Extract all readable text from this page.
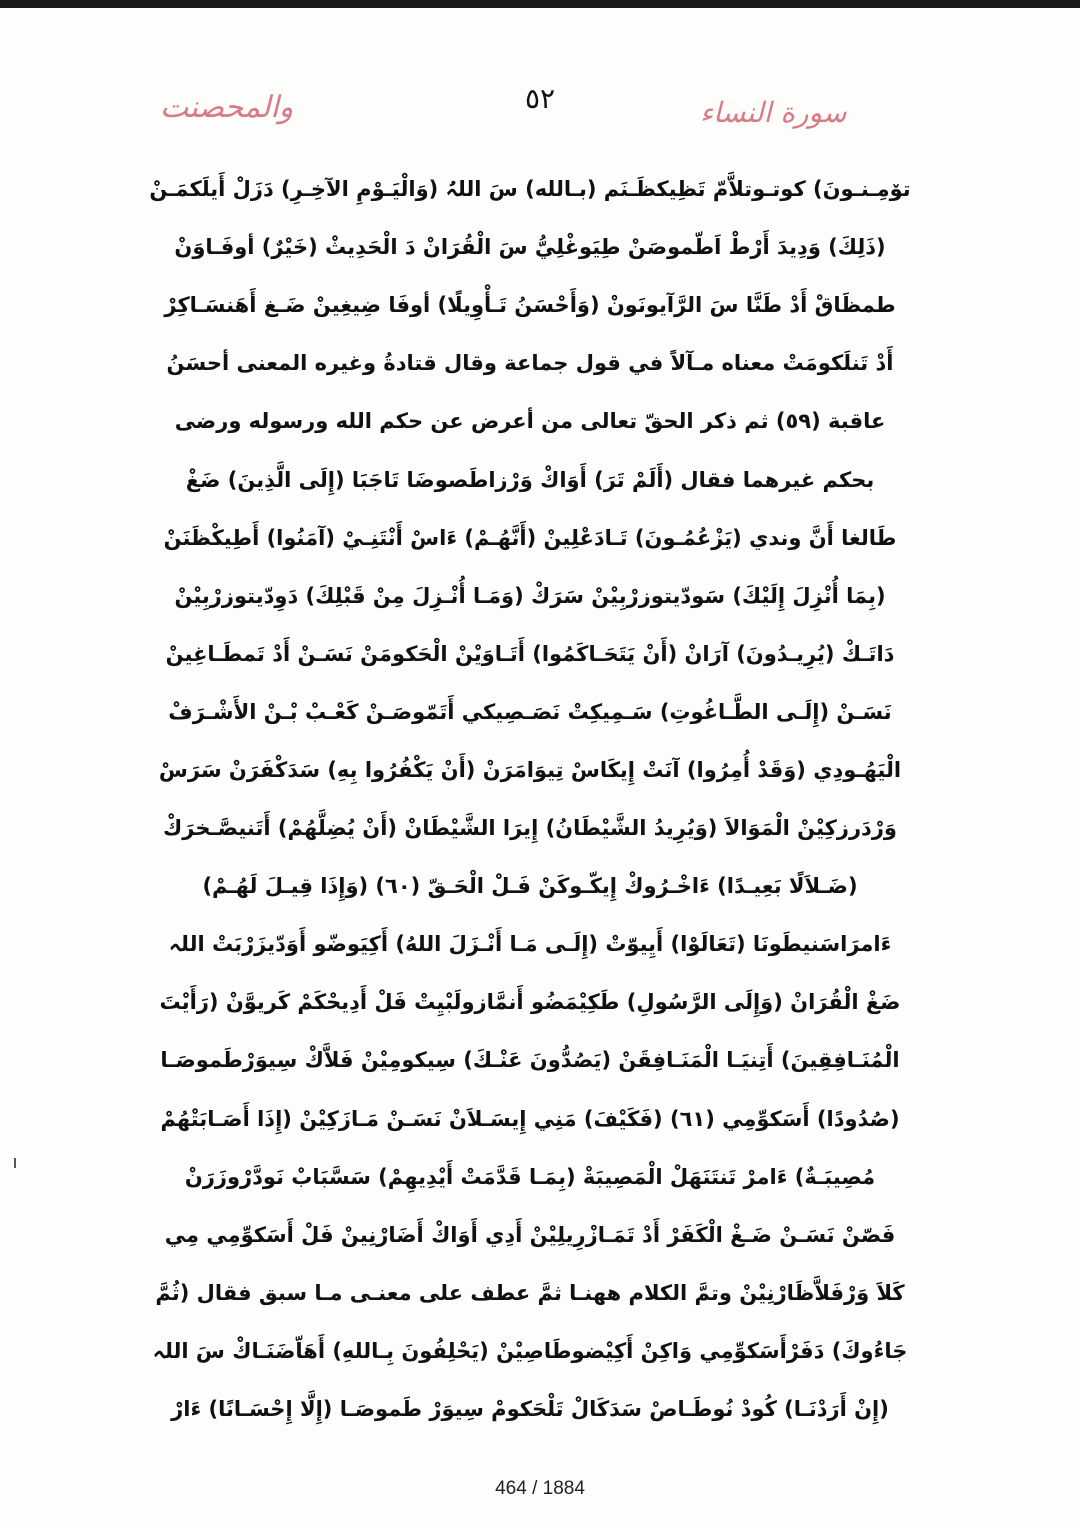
والمحصنت	٥٢	سورة النساء
تۆمِـنـونَ) كوتـوتلاَّمّ تَظِيكظَـنَم (بـالله) سَ اللہُ (وَالْيَـوْمِ الآخِـرِ) دَزَلْ أَيلَكمَـنْ
(ذَلِكَ) وَدِيدَ أَرْطْ اَطّموصَنْ طِيَوغْلِيُّ سَ الْقُرَانْ دَ الْحَدِيثْ (خَيْرٌ) أوفَـاوَنْ
طمظَاقْ أَدْ طَنَّا سَ الرَّآيونَونْ (وَأَحْسَنُ تَـأْوِيلًا) أوفَا ضِيغِينْ ضَـغ أَهَنسَـاكِرْ
أَدْ تَنلَكومَتْ معناه مـآلاً في قول جماعة وقال قتادةُ وغيره المعنى أحسَنُ
عاقبة (٥٩) ثم ذكر الحقّ تعالى من أعرض عن حكم الله ورسوله ورضى
بحكم غيرهما فقال (أَلَمْ تَرَ) أَوَاكْ وَرْزاطَصوضَا تَاجَبَا (إِلَى الَّذِينَ) ضَغْ
طَالغا أَنَّ وندي (يَزْعُمُـونَ) تَـادَعْلِينْ (أَنَّهُـمْ) ءَاسْ أَنْتَنِـيْ (آمَنُوا) أَطِيكْظَنَنْ
(بِمَا أُنْزِلَ إِلَيْكَ) سَودّيتوزرْبِيْنْ سَرَكْ (وَمَـا أُنْـزِلَ مِنْ قَبْلِكَ) دَوِدّيتوزرْبِيْنْ
دَاتَـكْ (يُرِيـدُونَ) آرَانْ (أَنْ يَتَحَـاكَمُوا) أَتَـاوَيْنْ الْحَكومَنْ نَسَـنْ أَدْ تَمطَـاغِينْ
نَسَـنْ (إِلَـى الطَّـاغُوتِ) سَـمِيكِتْ نَصَـصِيكي أَتَمّوصَـنْ كَعْـبْ بْـنْ الأَشْـرَفْ
الْيَهُـودِي (وَقَدْ أُمِرُوا) آنَتْ إِيكَاسْ تِيوَامَرَنْ (أَنْ يَكْفُرُوا بِهِ) سَدَكْفَرَنْ سَرَسْ
وَرْدَرزكِيْنْ الْمَوَالاَ (وَيُرِيدُ الشَّيْطَانُ) إِيرَا الشَّيْطَانْ (أَنْ يُضِلَّهُمْ) أَتَنيصَّـخرَكْ
(ضَـلاَلًا بَعِيـدًا) ءَاخْـرُوكْ إِيكّـوكَنْ فَـلْ الْحَـقّ (٦٠) (وَإِذَا قِيـلَ لَهُـمْ)
ءَامرَاسَنيطَونَا (تَعَالَوْا) أَيِيوّتْ (إِلَـى مَـا أَنْـزَلَ اللهُ) أَكِيَوضّو أَوَدّيزَرْبَتْ اللہ
ضَغْ الْقُرَانْ (وَإِلَى الرَّسُولِ) طَكِيْمَضُو أَنمَّازولَبْيِتْ فَلْ أَدِيحْكَمْ كَريوَّنْ (رَأَيْتَ
الْمُنَـافِقِينَ) أَتِنيَـا الْمَنَـافِقَنْ (يَصُدُّونَ عَنْـكَ) سِيكومِيْنْ فَلاَّكْ سِيوَرْطَموصَـا
(صُدُودًا) أَسَكوِّمِي (٦١) (فَكَيْفَ) مَنِي إِيسَـلاَنْ نَسَـنْ مَـازَكِيْنْ (إِذَا أَصَـابَتْهُمْ
مُصِيبَـةٌ) ءَامرْ تَنتَنَهَلْ الْمَصِيبَةْ (بِمَـا قَدَّمَتْ أَيْدِيهِمْ) سَسَّبَابْ نَودَّرْوزَرَنْ
فَصّنْ نَسَـنْ ضَـغْ الْكَفَرْ أَدْ تَمَـازْرِيلِيْنْ أَدِي أَوَاكْ أَضَارْنِينْ فَلْ أَسَكوِّمِي مِي
كَلاَ وَرْفَلاَّظَارْنِيْنْ وتمَّ الكلام ههنـا ثمَّ عطف على معنـى مـا سبق فقال (ثُمَّ
جَاءُوكَ) دَفَرْأَسَكوِّمِي وَاكِنْ أَكِيْضوطَاصِيْنْ (يَحْلِفُونَ بِـاللهِ) أَهَاّضَنَـاكْ سَ اللہ
(إِنْ أَرَدْنَـا) كُودْ نُوطَـاصْ سَدَكَالْ تَلْحَكومْ سِيوَرْ طَموصَـا (إِلَّا إِحْسَـانًا) ءَارْ
464 / 1884
